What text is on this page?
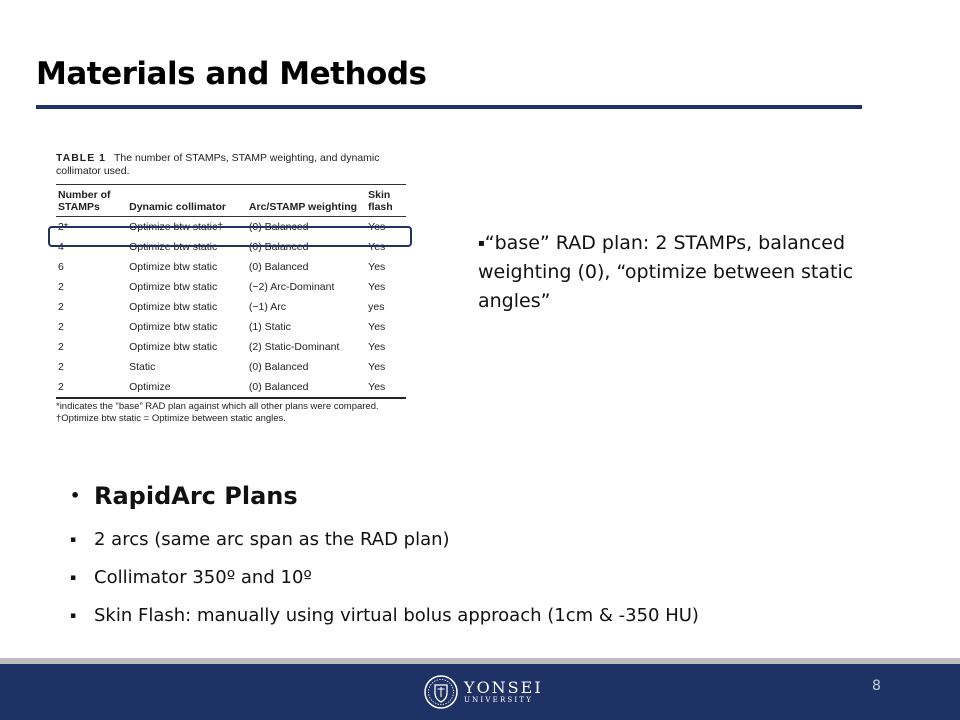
Materials and Methods
TABLE 1 The number of STAMPs, STAMP weighting, and dynamic collimator used.
Number of STAMPs	Dynamic collimator	Arc/STAMP weighting	Skin flash
2*	Optimize btw static†	(0) Balanced	Yes
4	Optimize btw static	(0) Balanced	Yes
6	Optimize btw static	(0) Balanced	Yes
2	Optimize btw static	(−2) Arc-Dominant	Yes
2	Optimize btw static	(−1) Arc	yes
2	Optimize btw static	(1) Static	Yes
2	Optimize btw static	(2) Static-Dominant	Yes
2	Static	(0) Balanced	Yes
2	Optimize	(0) Balanced	Yes
*indicates the “base” RAD plan against which all other plans were compared.
†Optimize btw static = Optimize between static angles.
▪“base” RAD plan: 2 STAMPs, balanced weighting (0), “optimize between static angles”
• RapidArc Plans
▪ 2 arcs (same arc span as the RAD plan)
▪ Collimator 350º and 10º
▪ Skin Flash: manually using virtual bolus approach (1cm & -350 HU)
YONSEI
UNIVERSITY
8
